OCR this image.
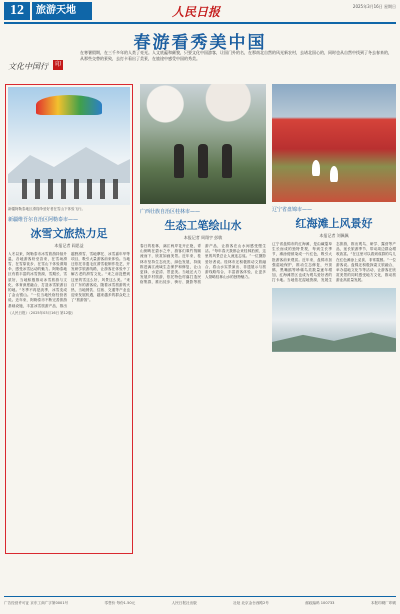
12	旅游天地	人民日报	2025年3月16日 星期日
春游看秀美中国
文化中国行 印
在寒暑假期，在三千多年的人类了亮光。人文底蕴和颜貌，只要文化中国游客，让国门外的名，在那南北自然的风光新农村，去诸北国心的，同时也从自然中找到了冬去春来的，从那些交替的景致，去打卡看出了美景，在旅途中感受中国的秀美。
新疆阿勒泰地区滑翔伞爱好者在雪山下体验飞行。
新疆维吾尔自治区阿勒泰市——
冰雪文旅热力足
本报记者 阎思益
入冬以来，阿勒泰市冰雪旅游持续升温，各地游客纷至沓来，在雪场滑雪、在雪原徒步、在雪山下体验滑翔伞，感受冰雪运动的魅力。阿勒泰地区有着丰富的冰雪资源，雪期长、雪质好，当地积极推动冰雪旅游与文化、体育深度融合，打造冰雪旅游目的地。“冬季不再是淡季，冰雪变成了金山银山。”一位当地民宿经营者说。近年来，阿勒泰市不断完善旅游基础设施，丰富冰雪旅游产品，推出越野滑雪、雪地摩托、冰雪嘉年华等项目，吸引大量游客前来体验。当地还依托非遗毛皮滑雪板制作技艺，开发研学旅游线路，让游客在体验中了解古老的滑雪文化。“来之前没想到这里的雪这么好，风景这么美。”来自广东的游客说。随着冰雪旅游的火热，当地餐饮、住宿、交通等产业也迎来发展机遇，越来越多的群众吃上了“旅游饭”。
《人民日报》（2025年03月16日 第12版）
广西壮族自治区桂林市——
生态工笔绘山水
本报记者 周翔宇 彭敏
春日的桂林，漓江两岸花开正艳，青山倒映在碧水之中，游客们乘竹筏顺流而下，欣赏如画美景。近年来，桂林市坚持生态优先、绿色发展，持续推进漓江流域生态保护和修复，让山更绿、水更清、景更美。当地还大力发展乡村旅游，依托特色村落打造民宿集群，推出徒步、骑行、摄影等旅游产品，让游客在山水间感受慢生活。“每年春天我都会来桂林拍照，这里的风景总让人流连忘返。”一位摄影爱好者说。桂林市还积极推动文旅融合，将山水实景演出、非遗展示与旅游线路结合，丰富游客体验，让更多人领略桂林山水的独特魅力。
辽宁省盘锦市——
红海滩上风景好
本报记者 刘佩佩
辽宁省盘锦市的红海滩，是由碱蓬草生长而成的独特景观，每到生长季节，滩涂便被染成一片红色，吸引大批游客前来观赏。近年来，盘锦市加强湿地保护，推动生态修复，丹顶鹤、黑嘴鸥等珍稀鸟类数量逐年增加，红海滩景区也成为观鸟爱好者的打卡地。当地依托湿地资源，发展生态旅游，推出观鸟、研学、露营等产品，延长旅游季节，带动周边群众增收致富。“在这里可以看到成群的鸟儿在红色滩涂上觅食，非常震撼。”一位游客说。盘锦还积极探索文旅融合，举办湿地文化节等活动，让游客在欣赏美景的同时感受地方文化，推动旅游业高质量发展。
广告经营许可证 京东工商广字第0001号	零售价 每份1.50元	人民日报社出版	社址 北京金台西路2号	邮政编码 100733	本报印刷厂印刷
